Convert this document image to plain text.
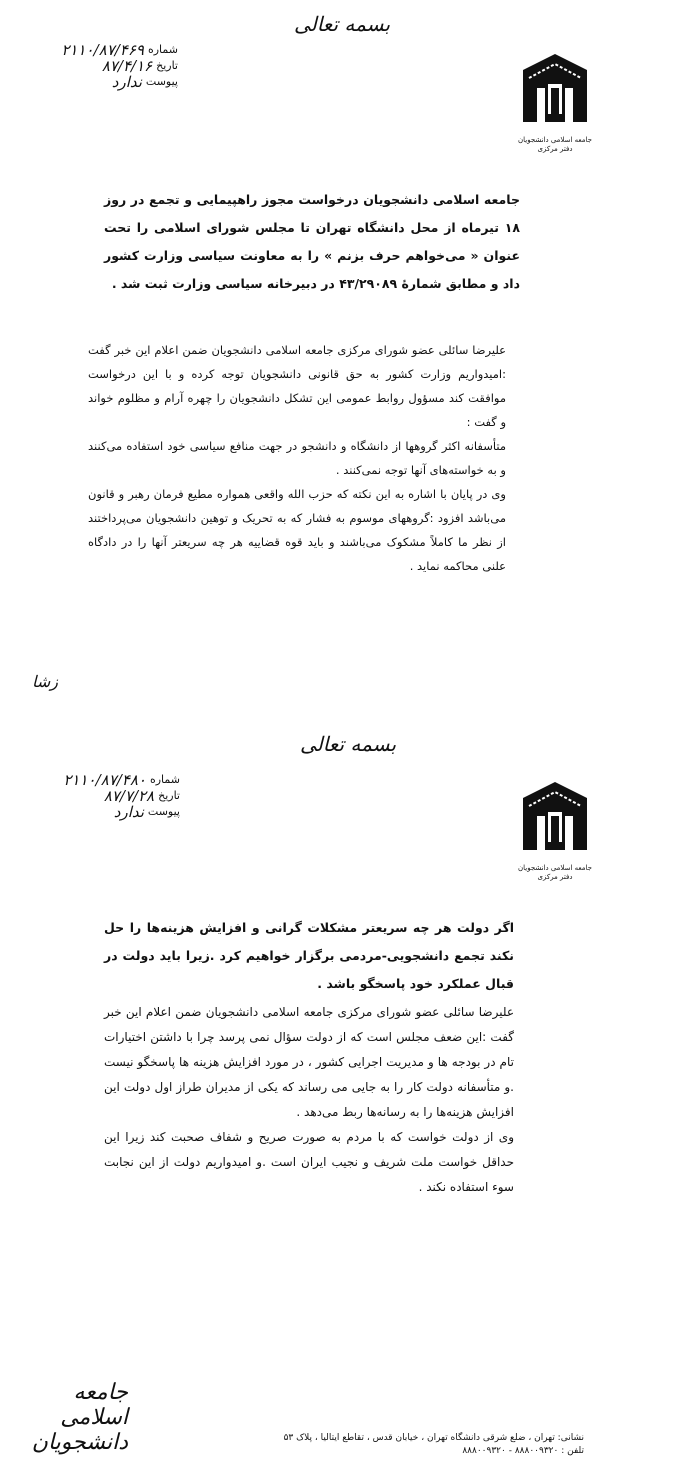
بسمه تعالی
شماره
۲۱۱۰/۸۷/۴۶۹
تاریخ
۸۷/۴/۱۶
پیوست
ندارد
جامعه اسلامی دانشجویان
دفتر مرکزی
جامعه اسلامی دانشجویان درخواست مجوز راهپیمایی و تجمع در روز ۱۸ تیرماه از محل دانشگاه تهران تا مجلس شورای اسلامی را تحت عنوان « می‌خواهم حرف بزنم » را به معاونت سیاسی وزارت کشور داد و مطابق شمارهٔ ۴۳/۲۹۰۸۹ در دبیرخانه سیاسی وزارت ثبت شد .
علیرضا سائلی عضو شورای مرکزی جامعه اسلامی دانشجویان ضمن اعلام این خبر گفت :امیدواریم وزارت کشور به حق قانونی دانشجویان توجه کرده و با این درخواست موافقت کند مسؤول روابط عمومی این تشکل دانشجویان را چهره آرام و مظلوم خواند و گفت :
متأسفانه اکثر گروهها از دانشگاه و دانشجو در جهت منافع سیاسی خود استفاده می‌کنند و به خواسته‌های آنها توجه نمی‌کنند .
وی در پایان با اشاره به این نکته که حزب الله واقعی همواره مطیع فرمان رهبر و قانون می‌باشد افزود :گروههای موسوم به فشار که به تحریک و توهین دانشجویان می‌پرداختند از نظر ما کاملاً مشکوک می‌باشند و باید قوه قضاییه هر چه سریعتر آنها را در دادگاه علنی محاکمه نماید .
زشا
بسمه تعالی
شماره
۲۱۱۰/۸۷/۴۸۰
تاریخ
۸۷/۷/۲۸
پیوست
ندارد
جامعه اسلامی دانشجویان
دفتر مرکزی
اگر دولت هر چه سریعتر مشکلات گرانی و افزایش هزینه‌ها را حل نکند تجمع دانشجویی-مردمی برگزار خواهیم کرد .زیرا باید دولت در قبال عملکرد خود پاسخگو باشد .
علیرضا سائلی عضو شورای مرکزی جامعه اسلامی دانشجویان ضمن اعلام این خبر گفت :این ضعف مجلس است که از دولت سؤال نمی پرسد چرا با داشتن اختیارات تام در بودجه ها و مدیریت اجرایی کشور ، در مورد افزایش هزینه ها پاسخگو نیست .و متأسفانه دولت کار را به جایی می رساند که یکی از مدیران طراز اول دولت این افزایش هزینه‌ها را به رسانه‌ها ربط می‌دهد .
وی از دولت خواست که با مردم به صورت صریح و شفاف صحبت کند زیرا این حداقل خواست ملت شریف و نجیب ایران است .و امیدواریم دولت از این نجابت سوء استفاده نکند .
جامعه اسلامی دانشجویان	نشانی: تهران ، ضلع شرقی دانشگاه تهران ، خیابان قدس ، تقاطع ایتالیا ، پلاک ۵۳
تلفن : ۸۸۸۰۰۹۳۲۰ - ۸۸۸۰۰۹۳۲۰
